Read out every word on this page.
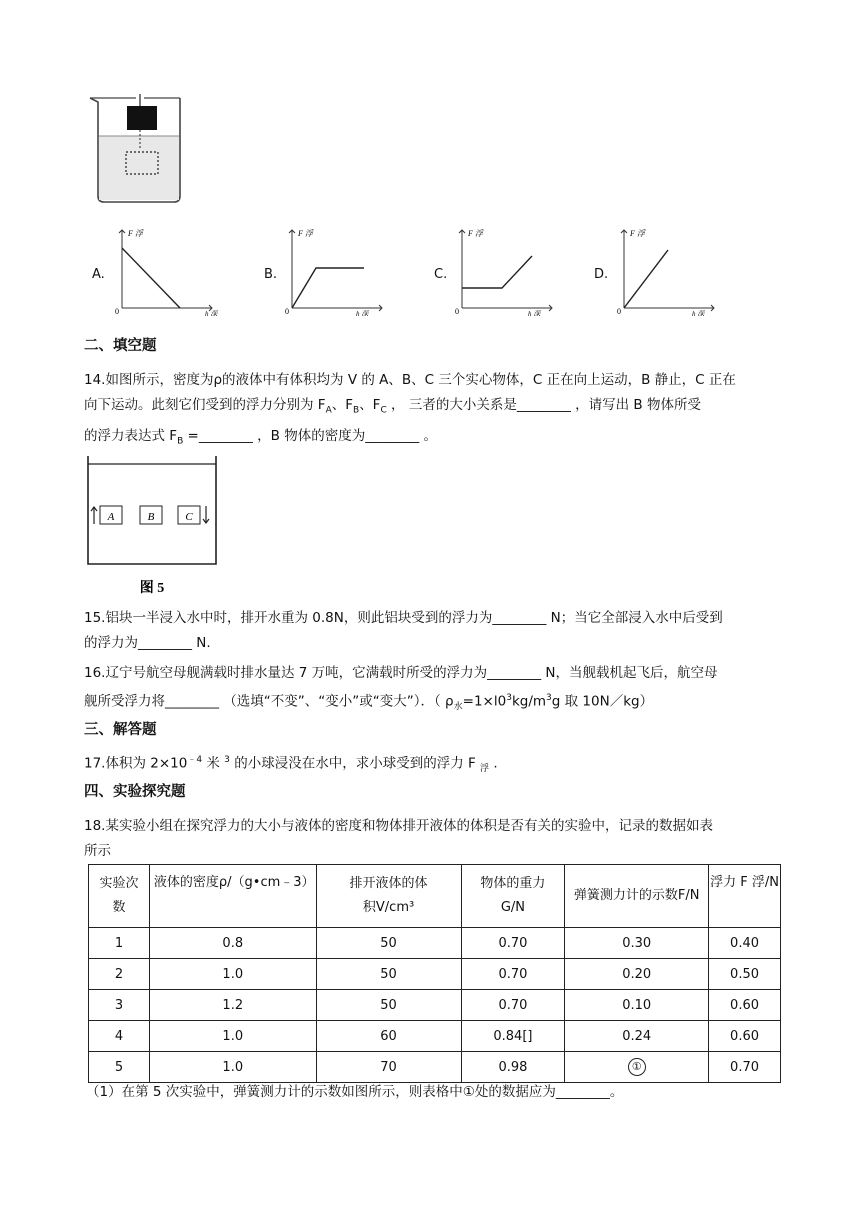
A.
F 浮
h 深
0
B.
F 浮
h 深
0
C.
F 浮
h 深
0
D.
F 浮
h 深
0
二、填空题
14.如图所示，密度为ρ的液体中有体积均为 V 的 A、B、C 三个实心物体，C 正在向上运动，B 静止，C 正在
向下运动。此刻它们受到的浮力分别为 $F_A$、$F_B$、$F_C$ ， 三者的大小关系是________ ，请写出 B 物体所受
的浮力表达式 $F_B$ =________ ，B 物体的密度为________ 。
A	B	C
图 5
15.铝块一半浸入水中时，排开水重为 0.8N，则此铝块受到的浮力为________ N；当它全部浸入水中后受到
的浮力为________ N.
16.辽宁号航空母舰满载时排水量达 7 万吨，它满载时所受的浮力为________ N，当舰载机起飞后，航空母
舰所受浮力将________ （选填“不变”、“变小”或“变大”）．（ $\rho_水=1\times l0^3kg/m^3g$ 取 10N／kg）
三、解答题
17.体积为 $2\times 10^{﹣4}$ 米 $^3$ 的小球浸没在水中，求小球受到的浮力 F $_浮$ .
四、实验探究题
18.某实验小组在探究浮力的大小与液体的密度和物体排开液体的体积是否有关的实验中，记录的数据如表
所示
实验次数	液体的密度ρ/（g•cm﹣3）	排开液体的体积V/cm³	物体的重力G/N	弹簧测力计的示数F/N	浮力 F 浮/N
1	0.8	50	0.70	0.30	0.40
2	1.0	50	0.70	0.20	0.50
3	1.2	50	0.70	0.10	0.60
4	1.0	60	0.84[]	0.24	0.60
5	1.0	70	0.98	①	0.70
（1）在第 5 次实验中，弹簧测力计的示数如图所示，则表格中①处的数据应为________。
